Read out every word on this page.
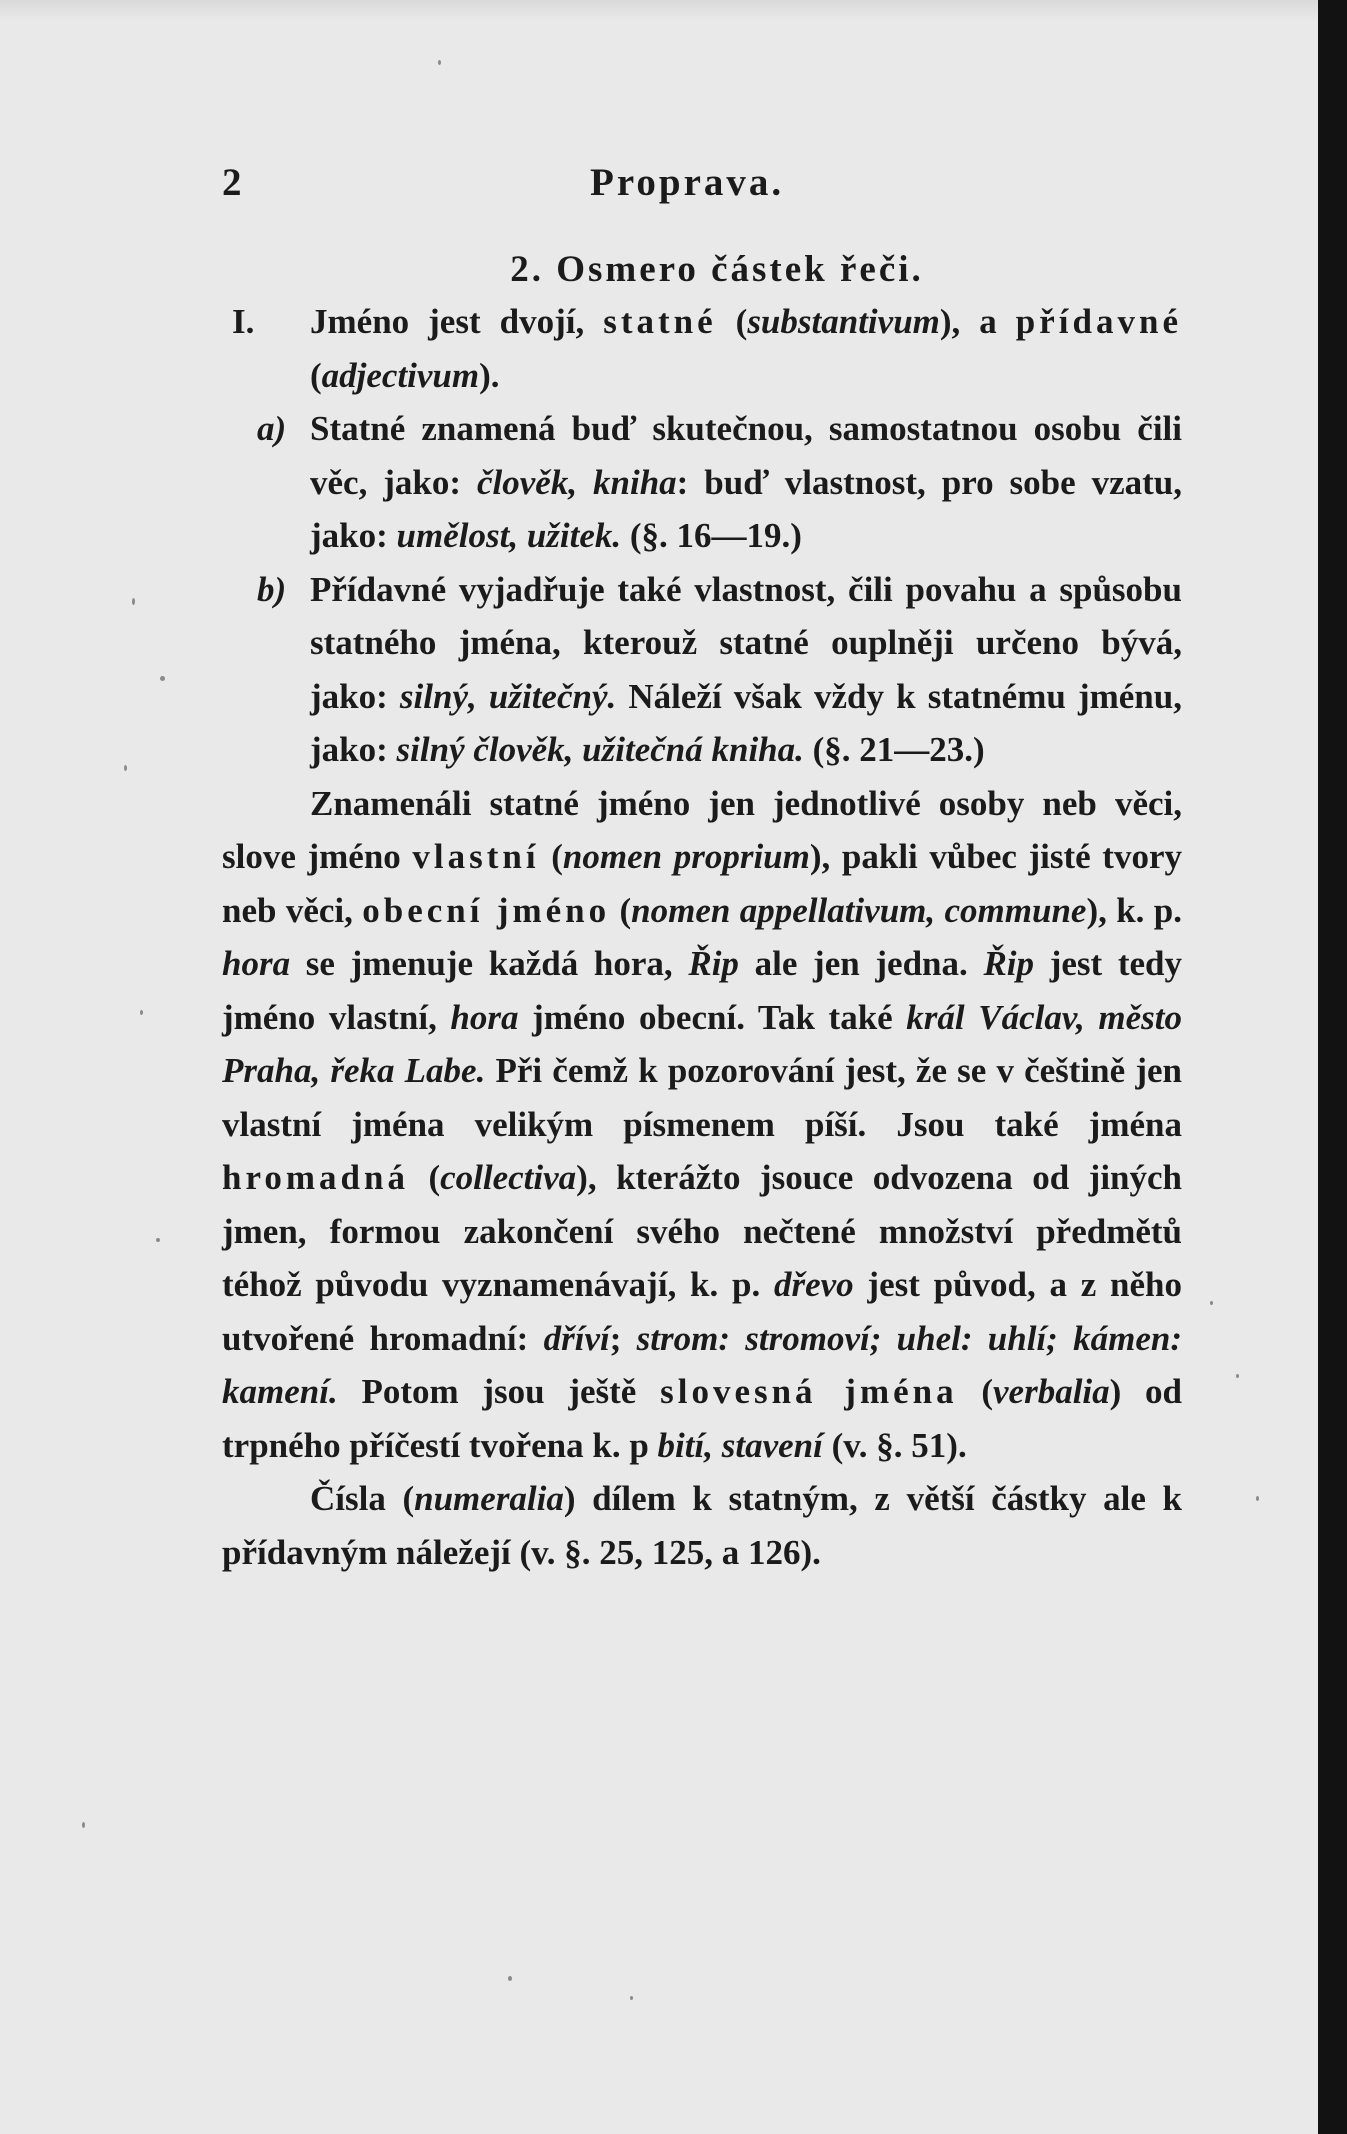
2	Proprava.
2. Osmero částek řeči.
I. Jméno jest dvojí, statné (substantivum), a přídavné (adjectivum).
a) Statné znamená buď skutečnou, samostatnou osobu čili věc, jako: člověk, kniha: buď vlastnost, pro sobe vzatu, jako: umělost, užitek. (§. 16—19.)
b) Přídavné vyjadřuje také vlastnost, čili povahu a spůsobu statného jména, kterouž statné ouplněji určeno bývá, jako: silný, užitečný. Náleží však vždy k statnému jménu, jako: silný člověk, užitečná kniha. (§. 21—23.)
Znamenáli statné jméno jen jednotlivé osoby neb věci, slove jméno vlastní (nomen proprium), pakli vůbec jisté tvory neb věci, obecní jméno (nomen appellativum, commune), k. p. hora se jmenuje každá hora, Řip ale jen jedna. Řip jest tedy jméno vlastní, hora jméno obecní. Tak také král Václav, město Praha, řeka Labe. Při čemž k pozorování jest, že se v češtině jen vlastní jména velikým písmenem píší. Jsou také jména hromadná (collectiva), kterážto jsouce odvozena od jiných jmen, formou zakončení svého nečtené množství předmětů téhož původu vyznamenávají, k. p. dřevo jest původ, a z něho utvořené hromadní: dříví; strom: stromoví; uhel: uhlí; kámen: kamení. Potom jsou ještě slovesná jména (verbalia) od trpného příčestí tvořena k. p bití, stavení (v. §. 51).
Čísla (numeralia) dílem k statným, z větší částky ale k přídavným náležejí (v. §. 25, 125, a 126).
